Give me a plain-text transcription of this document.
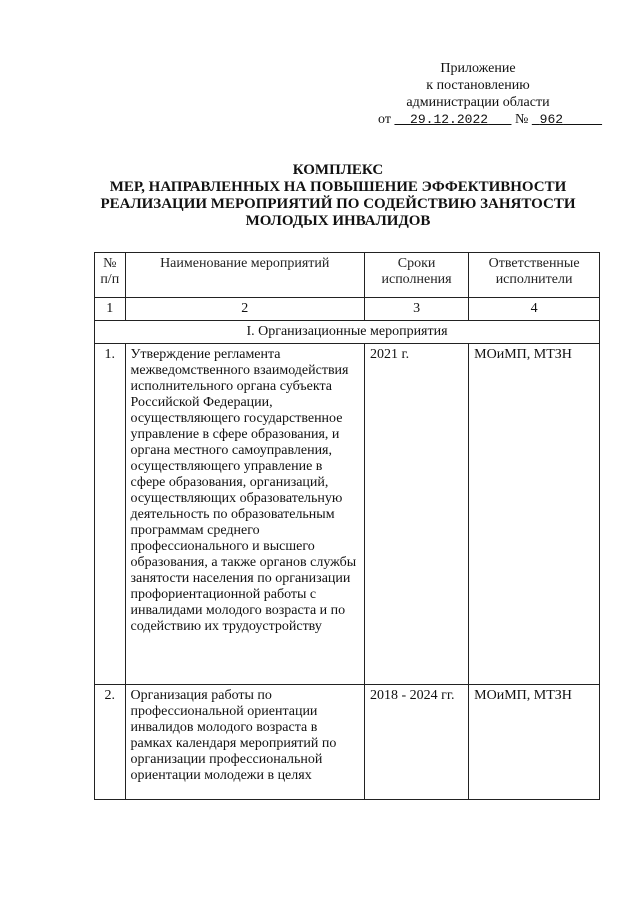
Приложение
к постановлению
администрации области
от 29.12.2022 № 962
КОМПЛЕКС
МЕР, НАПРАВЛЕННЫХ НА ПОВЫШЕНИЕ ЭФФЕКТИВНОСТИ
РЕАЛИЗАЦИИ МЕРОПРИЯТИЙ ПО СОДЕЙСТВИЮ ЗАНЯТОСТИ
МОЛОДЫХ ИНВАЛИДОВ
№ п/п	Наименование мероприятий	Сроки исполнения	Ответственные исполнители
1	2	3	4
I. Организационные мероприятия			
1.	Утверждение регламента межведомственного взаимодействия исполнительного органа субъекта Российской Федерации, осуществляющего государственное управление в сфере образования, и органа местного самоуправления, осуществляющего управление в сфере образования, организаций, осуществляющих образовательную деятельность по образовательным программам среднего профессионального и высшего образования, а также органов службы занятости населения по организации профориентационной работы с инвалидами молодого возраста и по содействию их трудоустройству	2021 г.	МОиМП, МТЗН
2.	Организация работы по профессиональной ориентации инвалидов молодого возраста в рамках календаря мероприятий по организации профессиональной ориентации молодежи в целях	2018 - 2024 гг.	МОиМП, МТЗН
